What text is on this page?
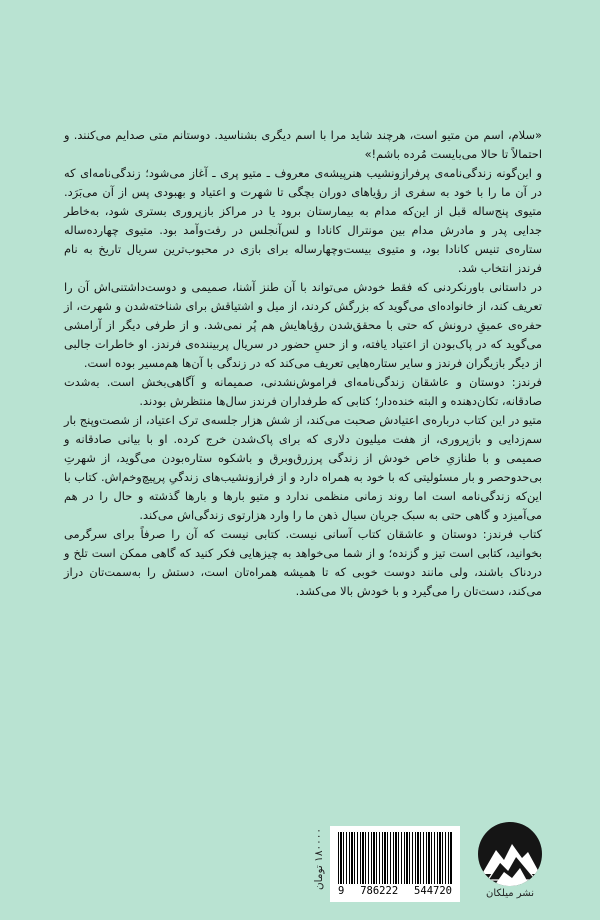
«سلام، اسم من متیو است، هرچند شاید مرا با اسم دیگری بشناسید. دوستانم متی صدایم می‌کنند. و احتمالاً تا حالا می‌بایست مُرده باشم!»

و این‌گونه زندگی‌نامه‌ی پرفرازونشیب هنرپیشه‌ی معروف ـ متیو پری ـ آغاز می‌شود؛ زندگی‌نامه‌ای که در آن ما را با خود به سفری از رؤیاهای دوران بچگی تا شهرت و اعتیاد و بهبودی پس از آن می‌بَرَد. متیوی پنج‌ساله قبل از این‌که مدام به بیمارستان برود یا در مراکز بازپروری بستری شود، به‌خاطر جدایی پدر و مادرش مدام بین مونترال کانادا و لس‌آنجلس در رفت‌وآمد بود. متیوی چهارده‌ساله ستاره‌ی تنیس کانادا بود، و متیوی بیست‌وچهارساله برای بازی در محبوب‌ترین سریال تاریخ به نام فرندز انتخاب شد.

در داستانی باورنکردنی که فقط خودش می‌تواند با آن طنز آشنا، صمیمی و دوست‌داشتنی‌اش آن را تعریف کند، از خانواده‌ای می‌گوید که بزرگش کردند، از میل و اشتیاقش برای شناخته‌شدن و شهرت، از حفره‌ی عمیقِ درونش که حتی با محقق‌شدن رؤیاهایش هم پُر نمی‌شد. و از طرفی دیگر از آرامشی می‌گوید که در پاک‌بودن از اعتیاد یافته، و از حسِ حضور در سریال پربیننده‌ی فرندز. او خاطرات جالبی از دیگر بازیگران فرندز و سایر ستاره‌هایی تعریف می‌کند که در زندگی با آن‌ها هم‌مسیر بوده است.

فرندز: دوستان و عاشقان زندگی‌نامه‌ای فراموش‌نشدنی، صمیمانه و آگاهی‌بخش است. به‌شدت صادقانه، تکان‌دهنده و البته خنده‌دار؛ کتابی که طرفداران فرندز سال‌ها منتظرش بودند.

متیو در این کتاب درباره‌ی اعتیادش صحبت می‌کند، از شش هزار جلسه‌ی ترک اعتیاد، از شصت‌وپنج بار سم‌زدایی و بازپروری، از هفت میلیون دلاری که برای پاک‌شدن خرج کرده. او با بیانی صادقانه و صمیمی و با طنازیِ خاص خودش از زندگی پرزرق‌وبرق و باشکوه ستاره‌بودن می‌گوید، از شهرتِ بی‌حدوحصر و بار مسئولیتی که با خود به همراه دارد و از فرازونشیب‌های زندگیِ پرپیچ‌وخم‌اش. کتاب با این‌که زندگی‌نامه است اما روند زمانی منظمی ندارد و متیو بارها و بارها گذشته و حال را در هم می‌آمیزد و گاهی حتی به سبک جریان سیال ذهن ما را وارد هزارتوی زندگی‌اش می‌کند.

کتاب فرندز: دوستان و عاشقان کتاب آسانی نیست. کتابی نیست که آن را صرفاً برای سرگرمی بخوانید، کتابی است تیز و گزنده؛ و از شما می‌خواهد به چیزهایی فکر کنید که گاهی ممکن است تلخ و دردناک باشند، ولی مانند دوست خوبی که تا همیشه همراه‌تان است، دستش را به‌سمت‌تان دراز می‌کند، دست‌تان را می‌گیرد و با خودش بالا می‌کشد.

۱۸۰۰۰۰ تومان
9 786222 544720	نشر میلکان
